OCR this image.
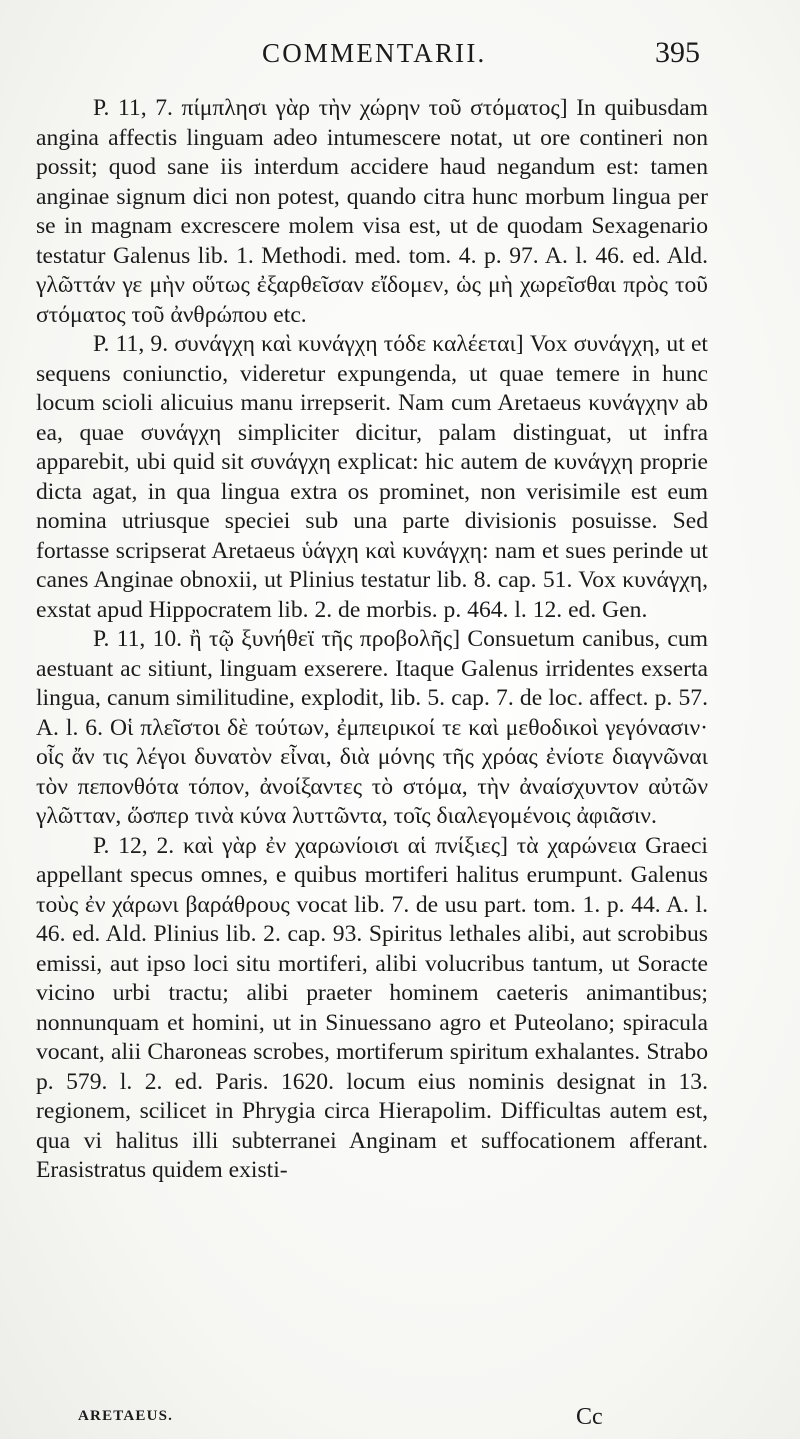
COMMENTARII.	395

P. 11, 7. πίμπλησι γὰρ τὴν χώρην τοῦ στόματος] In quibusdam angina affectis linguam adeo intumescere notat, ut ore contineri non possit; quod sane iis interdum accidere haud negandum est: tamen anginae signum dici non potest, quando citra hunc morbum lingua per se in magnam excrescere molem visa est, ut de quodam Sexagenario testatur Galenus lib. 1. Methodi. med. tom. 4. p. 97. A. l. 46. ed. Ald. γλῶττάν γε μὴν οὕτως ἐξαρθεῖσαν εἴδομεν, ὡς μὴ χωρεῖσθαι πρὸς τοῦ στόματος τοῦ ἀνθρώπου etc.

P. 11, 9. συνάγχη καὶ κυνάγχη τόδε καλέεται] Vox συνάγχη, ut et sequens coniunctio, videretur expungenda, ut quae temere in hunc locum scioli alicuius manu irrepserit. Nam cum Aretaeus κυνάγχην ab ea, quae συνάγχη simpliciter dicitur, palam distinguat, ut infra apparebit, ubi quid sit συνάγχη explicat: hic autem de κυνάγχη proprie dicta agat, in qua lingua extra os prominet, non verisimile est eum nomina utriusque speciei sub una parte divisionis posuisse. Sed fortasse scripserat Aretaeus ὑάγχη καὶ κυνάγχη: nam et sues perinde ut canes Anginae obnoxii, ut Plinius testatur lib. 8. cap. 51. Vox κυνάγχη, exstat apud Hippocratem lib. 2. de morbis. p. 464. l. 12. ed. Gen.

P. 11, 10. ἢ τῷ ξυνήθεϊ τῆς προβολῆς] Consuetum canibus, cum aestuant ac sitiunt, linguam exserere. Itaque Galenus irridentes exserta lingua, canum similitudine, explodit, lib. 5. cap. 7. de loc. affect. p. 57. A. l. 6. Οἱ πλεῖστοι δὲ τούτων, ἐμπειρικοί τε καὶ μεθοδικοὶ γεγόνασιν· οἷς ἄν τις λέγοι δυνατὸν εἶναι, διὰ μόνης τῆς χρόας ἐνίοτε διαγνῶναι τὸν πεπονθότα τόπον, ἀνοίξαντες τὸ στόμα, τὴν ἀναίσχυντον αὐτῶν γλῶτταν, ὥσπερ τινὰ κύνα λυττῶντα, τοῖς διαλεγομένοις ἀφιᾶσιν.

P. 12, 2. καὶ γὰρ ἐν χαρωνίοισι αἱ πνίξιες] τὰ χαρώνεια Graeci appellant specus omnes, e quibus mortiferi halitus erumpunt. Galenus τοὺς ἐν χάρωνι βαράθρους vocat lib. 7. de usu part. tom. 1. p. 44. A. l. 46. ed. Ald. Plinius lib. 2. cap. 93. Spiritus lethales alibi, aut scrobibus emissi, aut ipso loci situ mortiferi, alibi volucribus tantum, ut Soracte vicino urbi tractu; alibi praeter hominem caeteris animantibus; nonnunquam et homini, ut in Sinuessano agro et Puteolano; spiracula vocant, alii Charoneas scrobes, mortiferum spiritum exhalantes. Strabo p. 579. l. 2. ed. Paris. 1620. locum eius nominis designat in 13. regionem, scilicet in Phrygia circa Hierapolim. Difficultas autem est, qua vi halitus illi subterranei Anginam et suffocationem afferant. Erasistratus quidem existi-

ARETAEUS.	Cc
